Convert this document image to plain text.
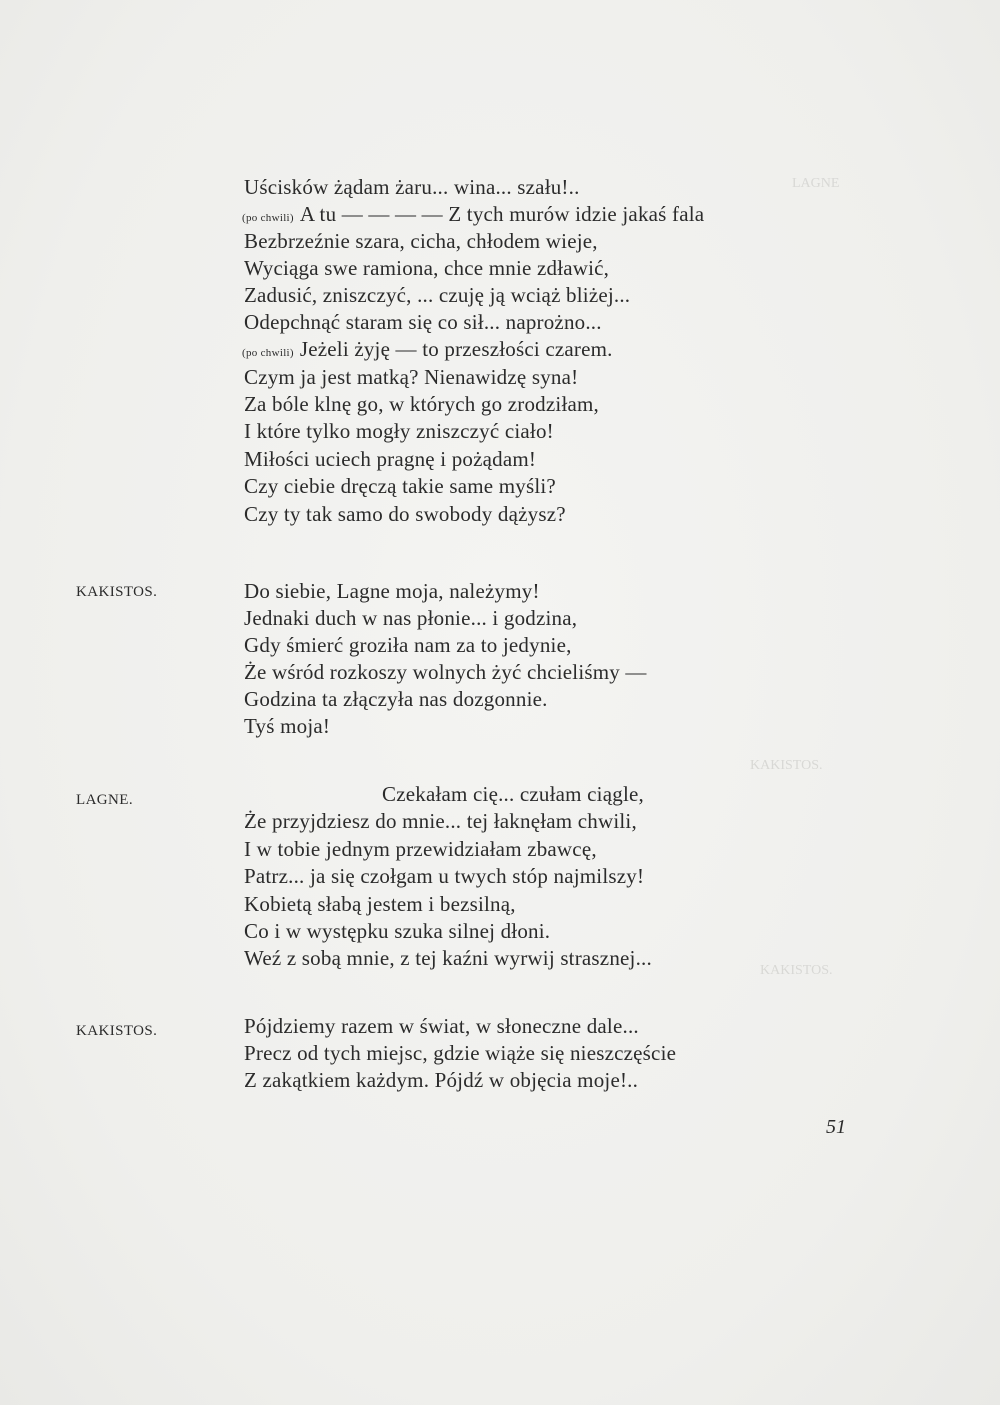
LAGNE
KAKISTOS.
KAKISTOS.
Uścisków żądam żaru... wina... szału!..
(po chwili) A tu — — — — Z tych murów idzie jakaś fala
Bezbrzeźnie szara, cicha, chłodem wieje,
Wyciąga swe ramiona, chce mnie zdławić,
Zadusić, zniszczyć, ... czuję ją wciąż bliżej...
Odepchnąć staram się co sił... naprożno...
(po chwili) Jeżeli żyję — to przeszłości czarem.
Czym ja jest matką? Nienawidzę syna!
Za bóle klnę go, w których go zrodziłam,
I które tylko mogły zniszczyć ciało!
Miłości uciech pragnę i pożądam!
Czy ciebie dręczą takie same myśli?
Czy ty tak samo do swobody dążysz?
KAKISTOS.	Do siebie, Lagne moja, należymy!
Jednaki duch w nas płonie... i godzina,
Gdy śmierć groziła nam za to jedynie,
Że wśród rozkoszy wolnych żyć chcieliśmy —
Godzina ta złączyła nas dozgonnie.
Tyś moja!
LAGNE.	Czekałam cię... czułam ciągle,
Że przyjdziesz do mnie... tej łaknęłam chwili,
I w tobie jednym przewidziałam zbawcę,
Patrz... ja się czołgam u twych stóp najmilszy!
Kobietą słabą jestem i bezsilną,
Co i w występku szuka silnej dłoni.
Weź z sobą mnie, z tej kaźni wyrwij strasznej...
KAKISTOS.	Pójdziemy razem w świat, w słoneczne dale...
Precz od tych miejsc, gdzie wiąże się nieszczęście
Z zakątkiem każdym. Pójdź w objęcia moje!..
51
